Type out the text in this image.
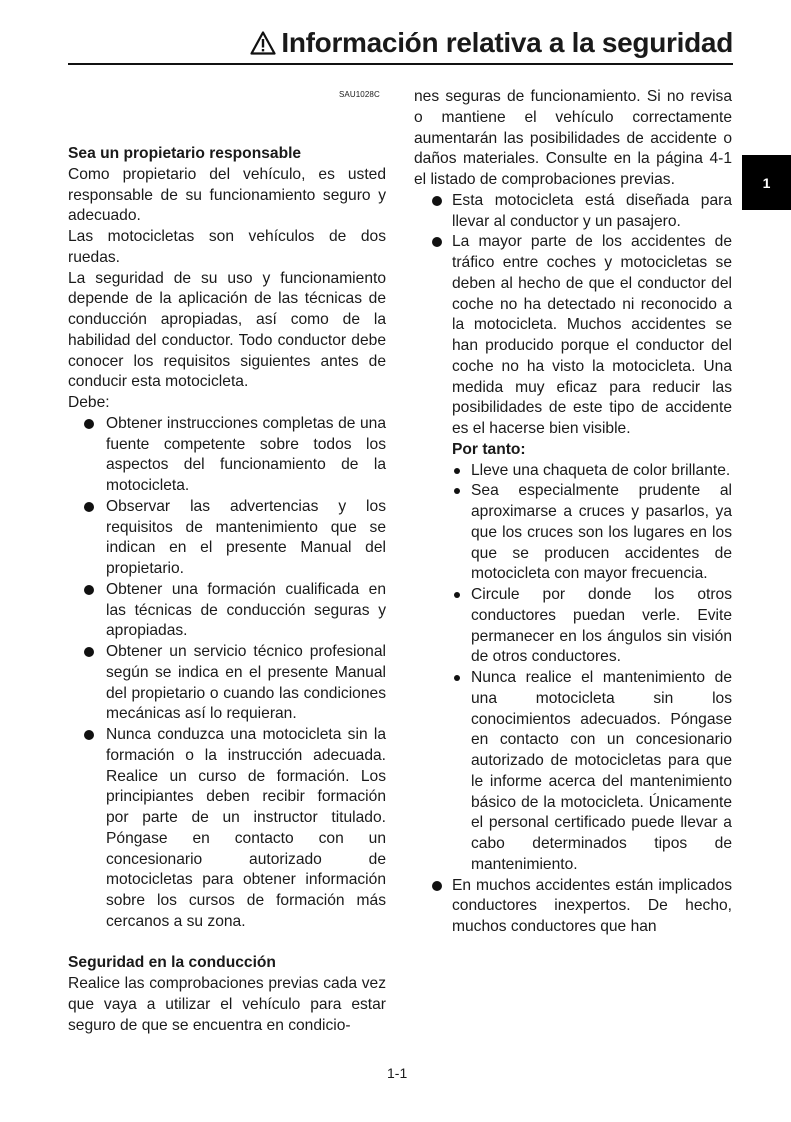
Información relativa a la seguridad
1
SAU1028C
Sea un propietario responsable
Como propietario del vehículo, es usted responsable de su funcionamiento seguro y adecuado.
Las motocicletas son vehículos de dos ruedas.
La seguridad de su uso y funcionamiento depende de la aplicación de las técnicas de conducción apropiadas, así como de la habilidad del conductor. Todo conductor debe conocer los requisitos siguientes antes de conducir esta motocicleta.
Debe:
Obtener instrucciones completas de una fuente competente sobre todos los aspectos del funcionamiento de la motocicleta.
Observar las advertencias y los requisitos de mantenimiento que se indican en el presente Manual del propietario.
Obtener una formación cualificada en las técnicas de conducción seguras y apropiadas.
Obtener un servicio técnico profesional según se indica en el presente Manual del propietario o cuando las condiciones mecánicas así lo requieran.
Nunca conduzca una motocicleta sin la formación o la instrucción adecuada. Realice un curso de formación. Los principiantes deben recibir formación por parte de un instructor titulado. Póngase en contacto con un concesionario autorizado de motocicletas para obtener información sobre los cursos de formación más cercanos a su zona.
Seguridad en la conducción
Realice las comprobaciones previas cada vez que vaya a utilizar el vehículo para estar seguro de que se encuentra en condicio-
nes seguras de funcionamiento. Si no revisa o mantiene el vehículo correctamente aumentarán las posibilidades de accidente o daños materiales. Consulte en la página 4-1 el listado de comprobaciones previas.
Esta motocicleta está diseñada para llevar al conductor y un pasajero.
La mayor parte de los accidentes de tráfico entre coches y motocicletas se deben al hecho de que el conductor del coche no ha detectado ni reconocido a la motocicleta. Muchos accidentes se han producido porque el conductor del coche no ha visto la motocicleta. Una medida muy eficaz para reducir las posibilidades de este tipo de accidente es el hacerse bien visible.
Por tanto:
Lleve una chaqueta de color brillante.
Sea especialmente prudente al aproximarse a cruces y pasarlos, ya que los cruces son los lugares en los que se producen accidentes de motocicleta con mayor frecuencia.
Circule por donde los otros conductores puedan verle. Evite permanecer en los ángulos sin visión de otros conductores.
Nunca realice el mantenimiento de una motocicleta sin los conocimientos adecuados. Póngase en contacto con un concesionario autorizado de motocicletas para que le informe acerca del mantenimiento básico de la motocicleta. Únicamente el personal certificado puede llevar a cabo determinados tipos de mantenimiento.
En muchos accidentes están implicados conductores inexpertos. De hecho, muchos conductores que han
1-1
